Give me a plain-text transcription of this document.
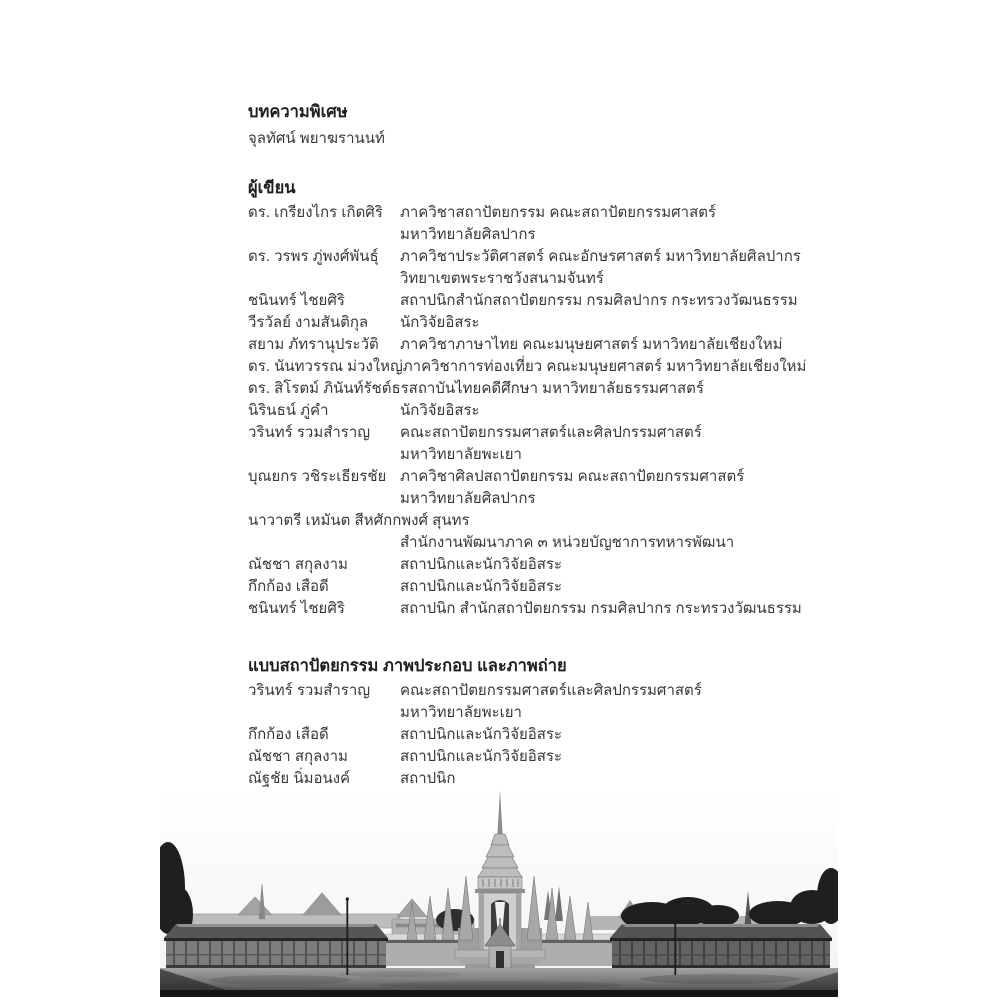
บทความพิเศษ

จุลทัศน์ พยาฆรานนท์

ผู้เขียน

ดร. เกรียงไกร เกิดศิริ	ภาควิชาสถาปัตยกรรม คณะสถาปัตยกรรมศาสตร์
มหาวิทยาลัยศิลปากร
ดร. วรพร ภู่พงศ์พันธุ์	ภาควิชาประวัติศาสตร์ คณะอักษรศาสตร์ มหาวิทยาลัยศิลปากร
วิทยาเขตพระราชวังสนามจันทร์
ชนินทร์ ไชยศิริ	สถาปนิกสำนักสถาปัตยกรรม กรมศิลปากร กระทรวงวัฒนธรรม
วีรวัลย์ งามสันติกุล	นักวิจัยอิสระ
สยาม ภัทรานุประวัติ	ภาควิชาภาษาไทย คณะมนุษยศาสตร์ มหาวิทยาลัยเชียงใหม่
ดร. นันทวรรณ ม่วงใหญ่ ภาควิชาการท่องเที่ยว คณะมนุษยศาสตร์ มหาวิทยาลัยเชียงใหม่
ดร. สิโรตม์ ภินันท์รัชต์ธร สถาบันไทยคดีศึกษา มหาวิทยาลัยธรรมศาสตร์
นิรินธน์ ภู่คำ	นักวิจัยอิสระ
วรินทร์ รวมสำราญ	คณะสถาปัตยกรรมศาสตร์และศิลปกรรมศาสตร์
มหาวิทยาลัยพะเยา
บุณยกร วชิระเธียรชัย ภาควิชาศิลปสถาปัตยกรรม คณะสถาปัตยกรรมศาสตร์
มหาวิทยาลัยศิลปากร
นาวาตรี เหมันต สีหศักกพงศ์ สุนทร
สำนักงานพัฒนาภาค ๓ หน่วยบัญชาการทหารพัฒนา
ณัชชา สกุลงาม	สถาปนิกและนักวิจัยอิสระ
กึกก้อง เสือดี	สถาปนิกและนักวิจัยอิสระ
ชนินทร์ ไชยศิริ	สถาปนิก สำนักสถาปัตยกรรม กรมศิลปากร กระทรวงวัฒนธรรม

แบบสถาปัตยกรรม ภาพประกอบ และภาพถ่าย

วรินทร์ รวมสำราญ	คณะสถาปัตยกรรมศาสตร์และศิลปกรรมศาสตร์
มหาวิทยาลัยพะเยา
กึกก้อง เสือดี	สถาปนิกและนักวิจัยอิสระ
ณัชชา สกุลงาม	สถาปนิกและนักวิจัยอิสระ
ณัฐชัย นิ่มอนงค์	สถาปนิก
